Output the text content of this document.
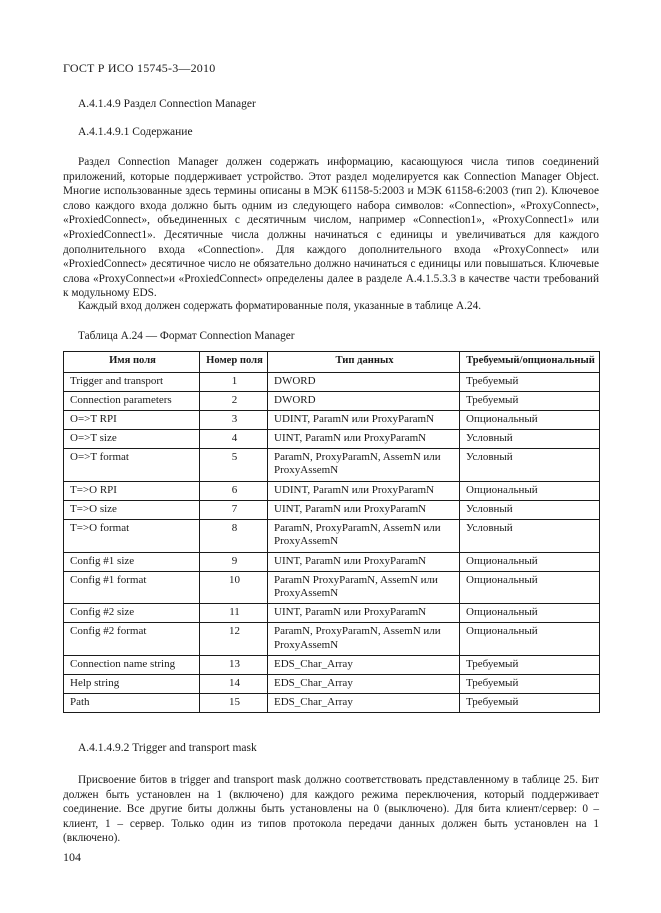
ГОСТ Р ИСО 15745-3—2010
А.4.1.4.9 Раздел Connection Manager
А.4.1.4.9.1 Содержание

Раздел Connection Manager должен содержать информацию, касающуюся числа типов соединений приложений, которые поддерживает устройство. Этот раздел моделируется как Connection Manager Object. Многие использованные здесь термины описаны в МЭК 61158-5:2003 и МЭК 61158-6:2003 (тип 2). Ключевое слово каждого входа должно быть одним из следующего набора символов: «Connection», «ProxyConnect», «ProxiedConnect», объединенных с десятичным числом, например «Connection1», «ProxyConnect1» или «ProxiedConnect1». Десятичные числа должны начинаться с единицы и увеличиваться для каждого дополнительного входа «Connection». Для каждого дополнительного входа «ProxyConnect» или «ProxiedConnect» десятичное число не обязательно должно начинаться с единицы или повышаться. Ключевые слова «ProxyConnect»и «ProxiedConnect» определены далее в разделе А.4.1.5.3.3 в качестве части требований к модульному EDS.

Каждый вход должен содержать форматированные поля, указанные в таблице А.24.

Таблица А.24 — Формат Connection Manager
Имя поля	Номер поля	Тип данных	Требуемый/опциональный
Trigger and transport	1	DWORD	Требуемый
Connection parameters	2	DWORD	Требуемый
O=>T RPI	3	UDINT, ParamN или ProxyParamN	Опциональный
O=>T size	4	UINT, ParamN или ProxyParamN	Условный
O=>T format	5	ParamN, ProxyParamN, AssemN или ProxyAssemN	Условный
T=>O RPI	6	UDINT, ParamN или ProxyParamN	Опциональный
T=>O size	7	UINT, ParamN или ProxyParamN	Условный
T=>O format	8	ParamN, ProxyParamN, AssemN или ProxyAssemN	Условный
Config #1 size	9	UINT, ParamN или ProxyParamN	Опциональный
Config #1 format	10	ParamN ProxyParamN, AssemN или ProxyAssemN	Опциональный
Config #2 size	11	UINT, ParamN или ProxyParamN	Опциональный
Config #2 format	12	ParamN, ProxyParamN, AssemN или ProxyAssemN	Опциональный
Connection name string	13	EDS_Char_Array	Требуемый
Help string	14	EDS_Char_Array	Требуемый
Path	15	EDS_Char_Array	Требуемый
А.4.1.4.9.2 Trigger and transport mask

Присвоение битов в trigger and transport mask должно соответствовать представленному в таблице 25. Бит должен быть установлен на 1 (включено) для каждого режима переключения, который поддерживает соединение. Все другие биты должны быть установлены на 0 (выключено). Для бита клиент/сервер: 0 – клиент, 1 – сервер. Только один из типов протокола передачи данных должен быть установлен на 1 (включено).

104
